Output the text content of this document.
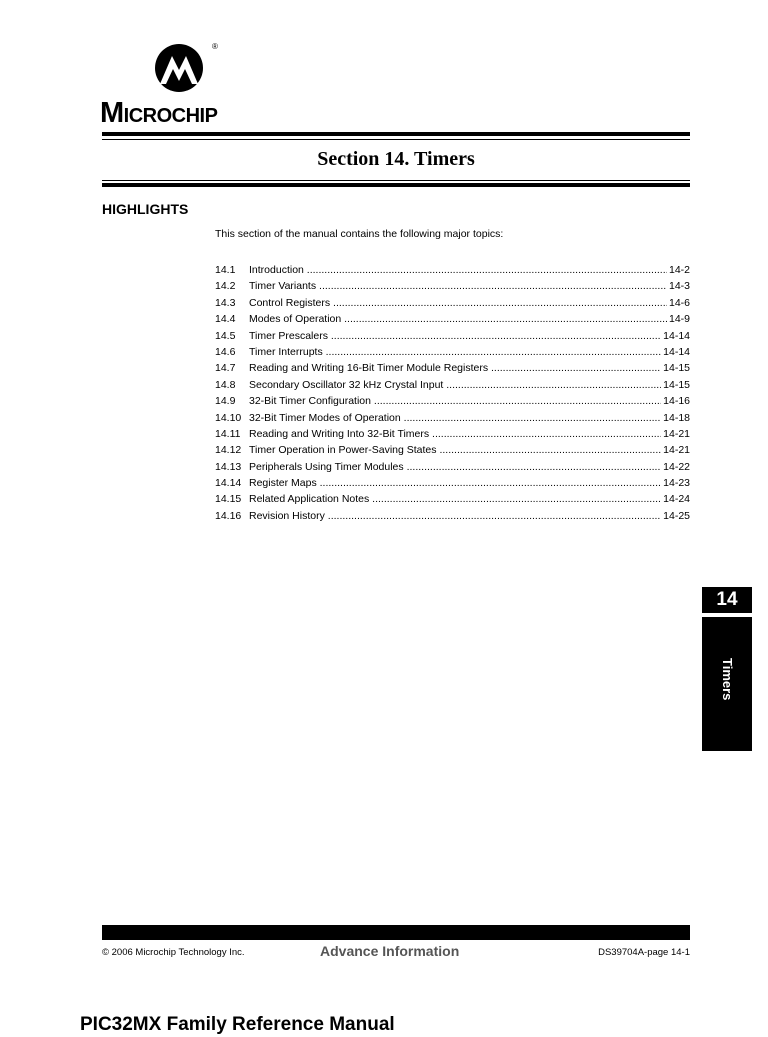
®
Microchip
Section 14. Timers
HIGHLIGHTS
This section of the manual contains the following major topics:
14.1 Introduction .....	14-2
14.2 Timer Variants .....	14-3
14.3 Control Registers .....	14-6
14.4 Modes of Operation .....	14-9
14.5 Timer Prescalers .....	14-14
14.6 Timer Interrupts .....	14-14
14.7 Reading and Writing 16-Bit Timer Module Registers .....	14-15
14.8 Secondary Oscillator 32 kHz Crystal Input .....	14-15
14.9 32-Bit Timer Configuration .....	14-16
14.10 32-Bit Timer Modes of Operation .....	14-18
14.11 Reading and Writing Into 32-Bit Timers .....	14-21
14.12 Timer Operation in Power-Saving States .....	14-21
14.13 Peripherals Using Timer Modules .....	14-22
14.14 Register Maps .....	14-23
14.15 Related Application Notes .....	14-24
14.16 Revision History .....	14-25
14
Timers
© 2006 Microchip Technology Inc.	Advance Information	DS39704A-page 14-1
PIC32MX Family Reference Manual
